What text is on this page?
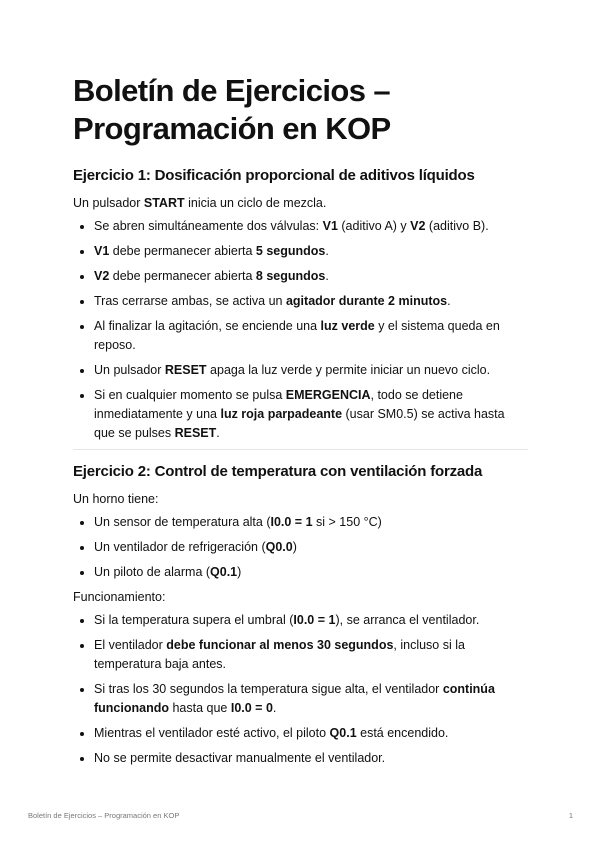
Boletín de Ejercicios –
Programación en KOP
Ejercicio 1: Dosificación proporcional de aditivos líquidos

Un pulsador START inicia un ciclo de mezcla.

Se abren simultáneamente dos válvulas: V1 (aditivo A) y V2 (aditivo B).
V1 debe permanecer abierta 5 segundos.
V2 debe permanecer abierta 8 segundos.
Tras cerrarse ambas, se activa un agitador durante 2 minutos.
Al finalizar la agitación, se enciende una luz verde y el sistema queda en reposo.
Un pulsador RESET apaga la luz verde y permite iniciar un nuevo ciclo.
Si en cualquier momento se pulsa EMERGENCIA, todo se detiene inmediatamente y una luz roja parpadeante (usar SM0.5) se activa hasta que se pulses RESET.
Ejercicio 2: Control de temperatura con ventilación forzada

Un horno tiene:

Un sensor de temperatura alta (I0.0 = 1 si > 150 °C)
Un ventilador de refrigeración (Q0.0)
Un piloto de alarma (Q0.1)

Funcionamiento:

Si la temperatura supera el umbral (I0.0 = 1), se arranca el ventilador.
El ventilador debe funcionar al menos 30 segundos, incluso si la temperatura baja antes.
Si tras los 30 segundos la temperatura sigue alta, el ventilador continúa funcionando hasta que I0.0 = 0.
Mientras el ventilador esté activo, el piloto Q0.1 está encendido.
No se permite desactivar manualmente el ventilador.
Boletín de Ejercicios – Programación en KOP	1
